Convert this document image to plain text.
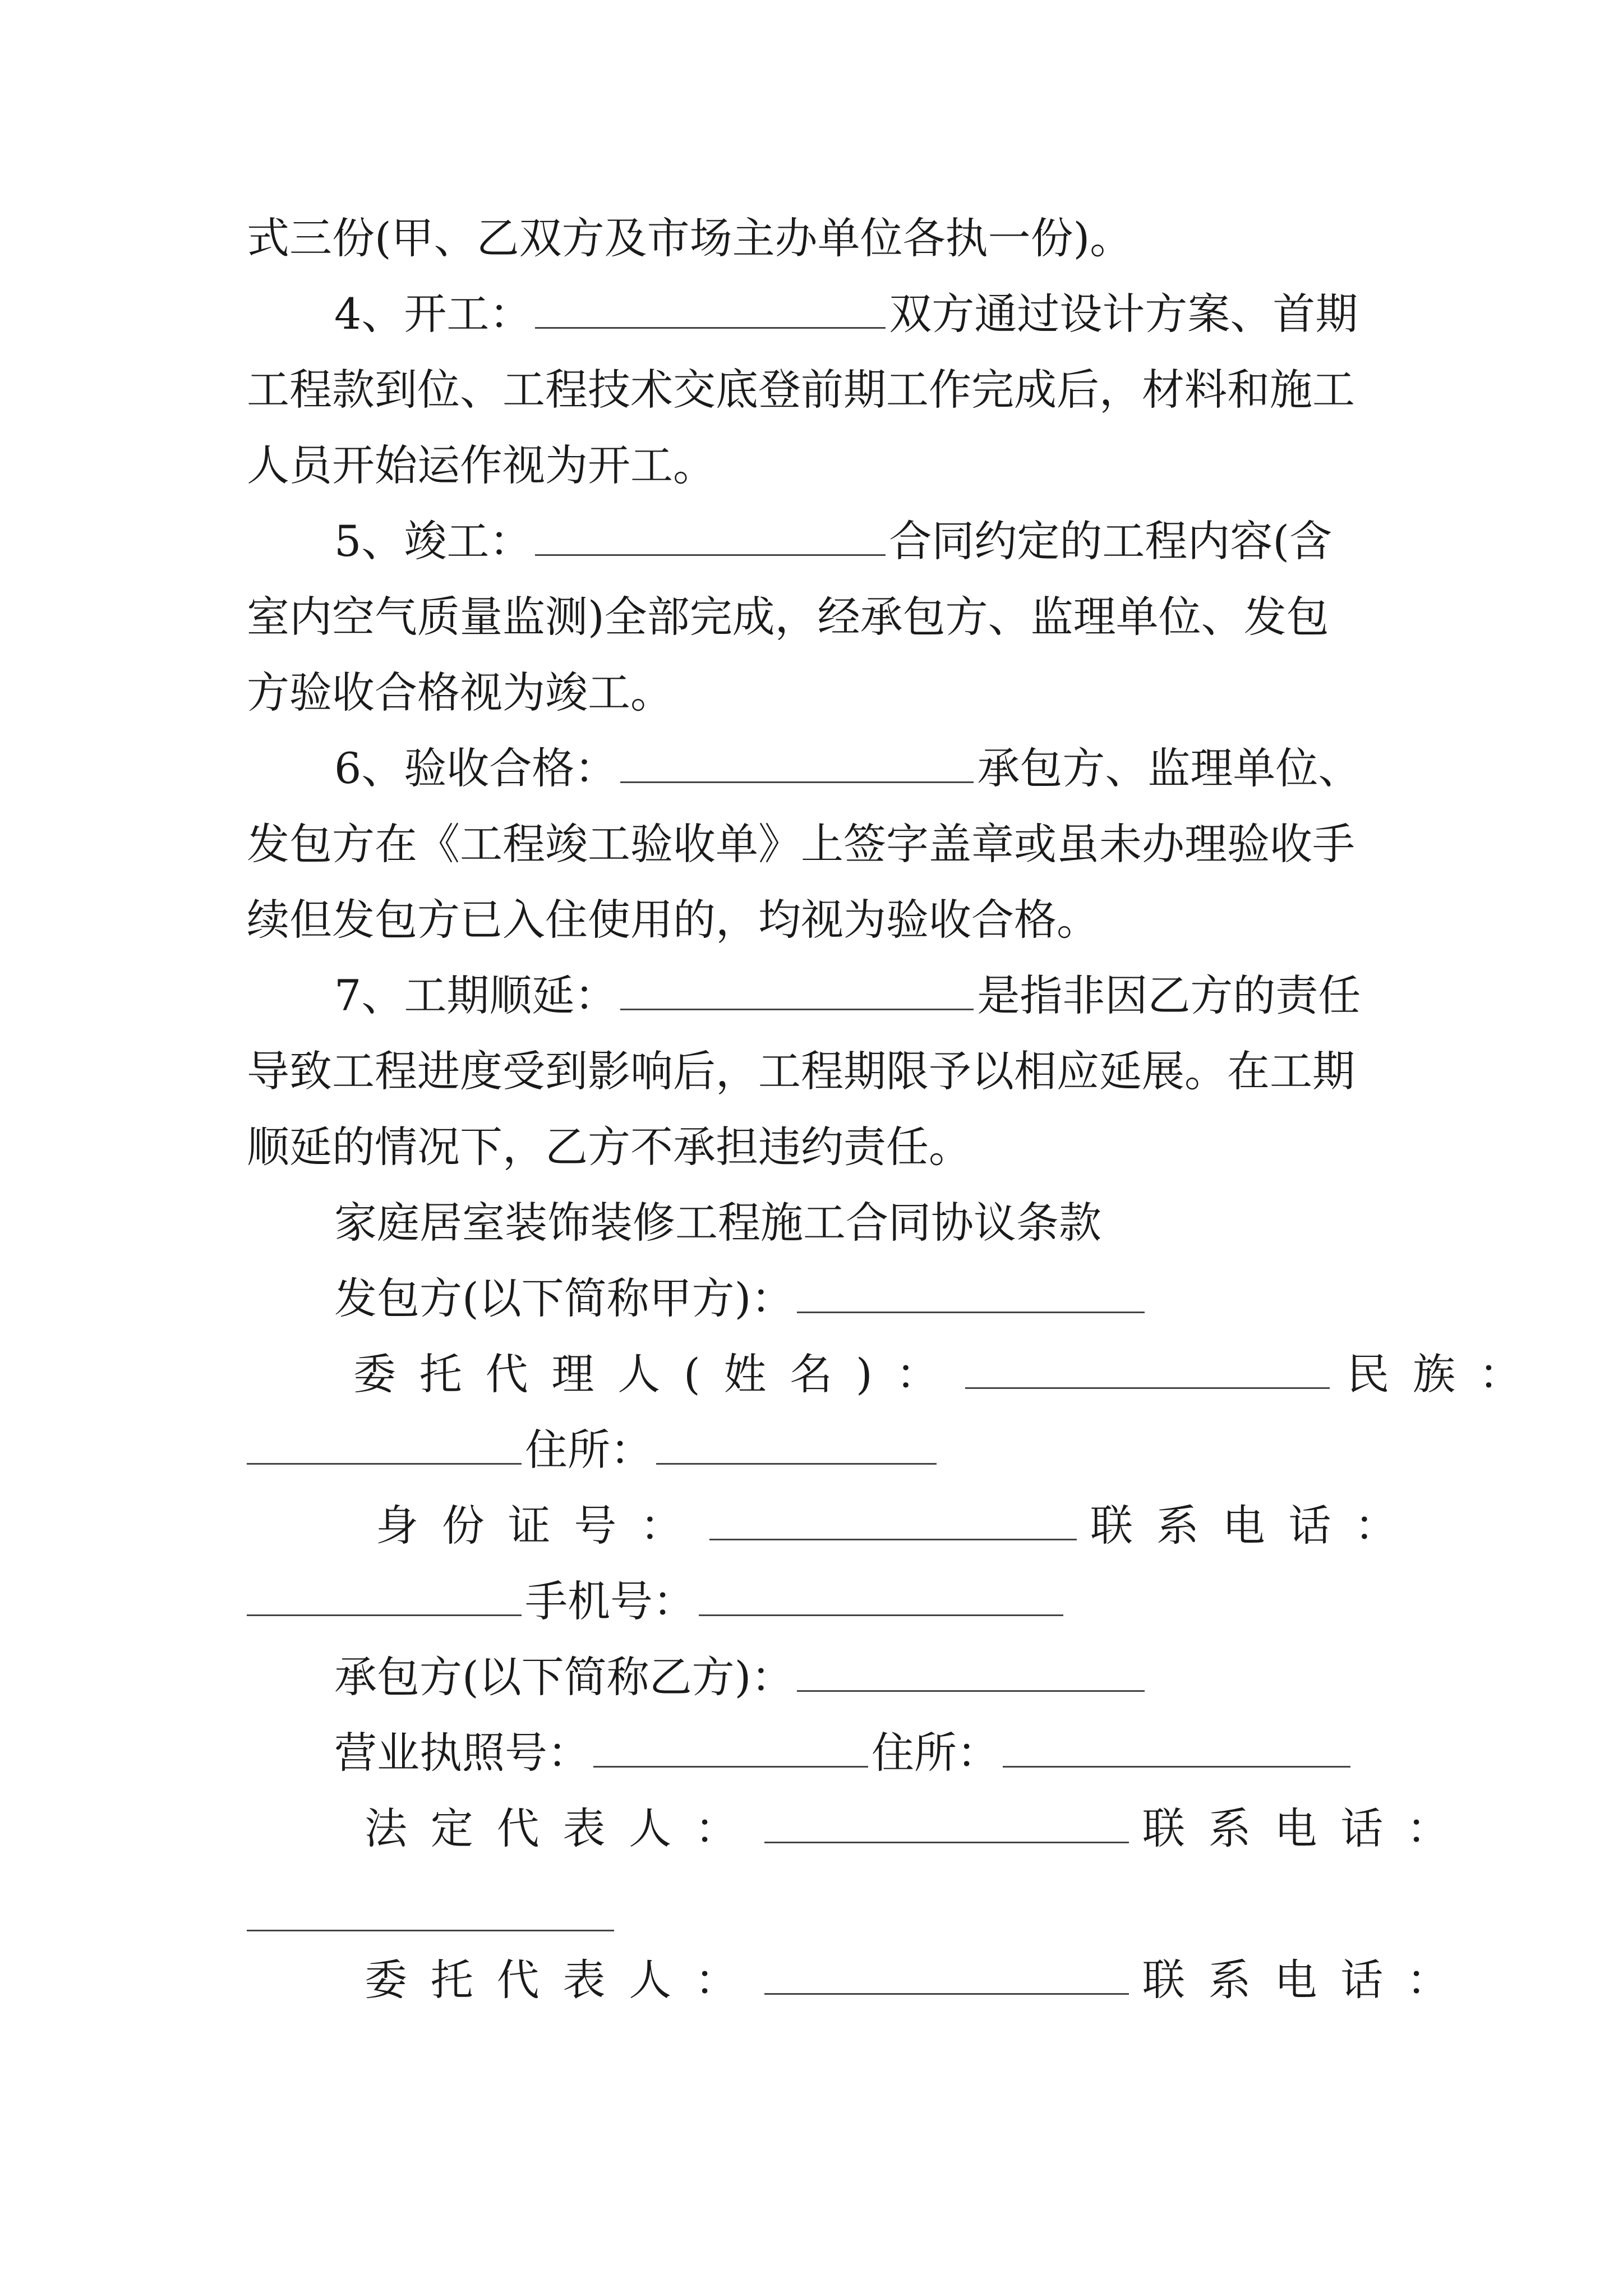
式三份(甲、乙双方及市场主办单位各执一份)。
4、开工：	双方通过设计方案、首期
工程款到位、工程技术交底登前期工作完成后，材料和施工
人员开始运作视为开工。
5、竣工：	合同约定的工程内容(含
室内空气质量监测)全部完成，经承包方、监理单位、发包
方验收合格视为竣工。
6、验收合格：	承包方、监理单位、
发包方在《工程竣工验收单》上签字盖章或虽未办理验收手
续但发包方已入住使用的，均视为验收合格。
7、工期顺延：	是指非因乙方的责任
导致工程进度受到影响后，工程期限予以相应延展。在工期
顺延的情况下，乙方不承担违约责任。
家庭居室装饰装修工程施工合同协议条款
发包方(以下简称甲方)：
委托代理人(姓名)：	民族：
住所：
身份证号：	联系电话：
手机号：
承包方(以下简称乙方)：
营业执照号：	住所：
法定代表人：	联系电话：
委托代表人：	联系电话：
